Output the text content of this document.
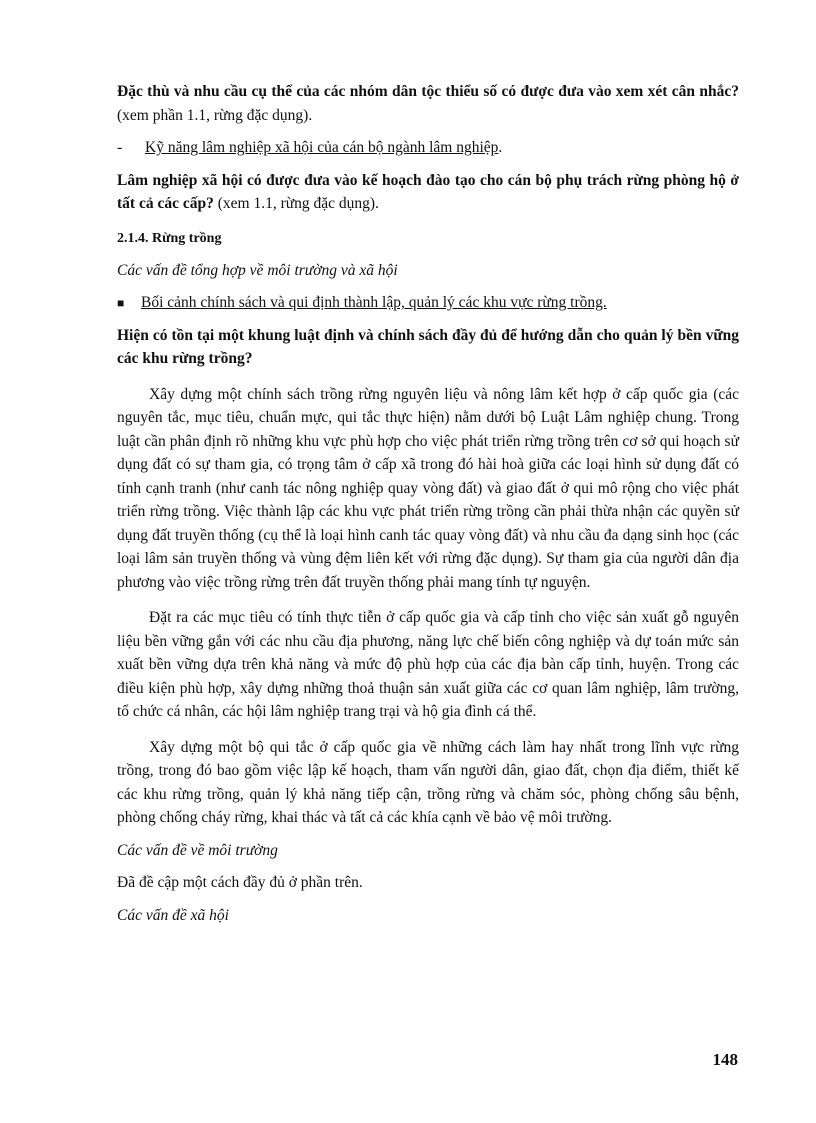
Đặc thù và nhu cầu cụ thể của các nhóm dân tộc thiểu số có được đưa vào xem xét cân nhắc? (xem phần 1.1, rừng đặc dụng).

-	Kỹ năng lâm nghiệp xã hội của cán bộ ngành lâm nghiệp.

Lâm nghiệp xã hội có được đưa vào kế hoạch đào tạo cho cán bộ phụ trách rừng phòng hộ ở tất cả các cấp? (xem 1.1, rừng đặc dụng).

2.1.4. Rừng trồng

Các vấn đề tổng hợp về môi trường và xã hội

■	Bối cảnh chính sách và qui định thành lập, quản lý các khu vực rừng trồng.

Hiện có tồn tại một khung luật định và chính sách đầy đủ để hướng dẫn cho quản lý bền vững các khu rừng trồng?

Xây dựng một chính sách trồng rừng nguyên liệu và nông lâm kết hợp ở cấp quốc gia (các nguyên tắc, mục tiêu, chuẩn mực, qui tắc thực hiện) nằm dưới bộ Luật Lâm nghiệp chung. Trong luật cần phân định rõ những khu vực phù hợp cho việc phát triển rừng trồng trên cơ sở qui hoạch sử dụng đất có sự tham gia, có trọng tâm ở cấp xã trong đó hài hoà giữa các loại hình sử dụng đất có tính cạnh tranh (như canh tác nông nghiệp quay vòng đất) và giao đất ở qui mô rộng cho việc phát triển rừng trồng. Việc thành lập các khu vực phát triển rừng trồng cần phải thừa nhận các quyền sử dụng đất truyền thống (cụ thể là loại hình canh tác quay vòng đất) và nhu cầu đa dạng sinh học (các loại lâm sản truyền thống và vùng đệm liên kết với rừng đặc dụng). Sự tham gia của người dân địa phương vào việc trồng rừng trên đất truyền thống phải mang tính tự nguyện.

Đặt ra các mục tiêu có tính thực tiễn ở cấp quốc gia và cấp tỉnh cho việc sản xuất gỗ nguyên liệu bền vững gắn với các nhu cầu địa phương, năng lực chế biến công nghiệp và dự toán mức sản xuất bền vững dựa trên khả năng và mức độ phù hợp của các địa bàn cấp tỉnh, huyện. Trong các điều kiện phù hợp, xây dựng những thoả thuận sản xuất giữa các cơ quan lâm nghiệp, lâm trường, tổ chức cá nhân, các hội lâm nghiệp trang trại và hộ gia đình cá thể.

Xây dựng một bộ qui tắc ở cấp quốc gia về những cách làm hay nhất trong lĩnh vực rừng trồng, trong đó bao gồm việc lập kế hoạch, tham vấn người dân, giao đất, chọn địa điểm, thiết kế các khu rừng trồng, quản lý khả năng tiếp cận, trồng rừng và chăm sóc, phòng chống sâu bệnh, phòng chống cháy rừng, khai thác và tất cả các khía cạnh về bảo vệ môi trường.

Các vấn đề về môi trường

Đã đề cập một cách đầy đủ ở phần trên.

Các vấn đề xã hội

148
